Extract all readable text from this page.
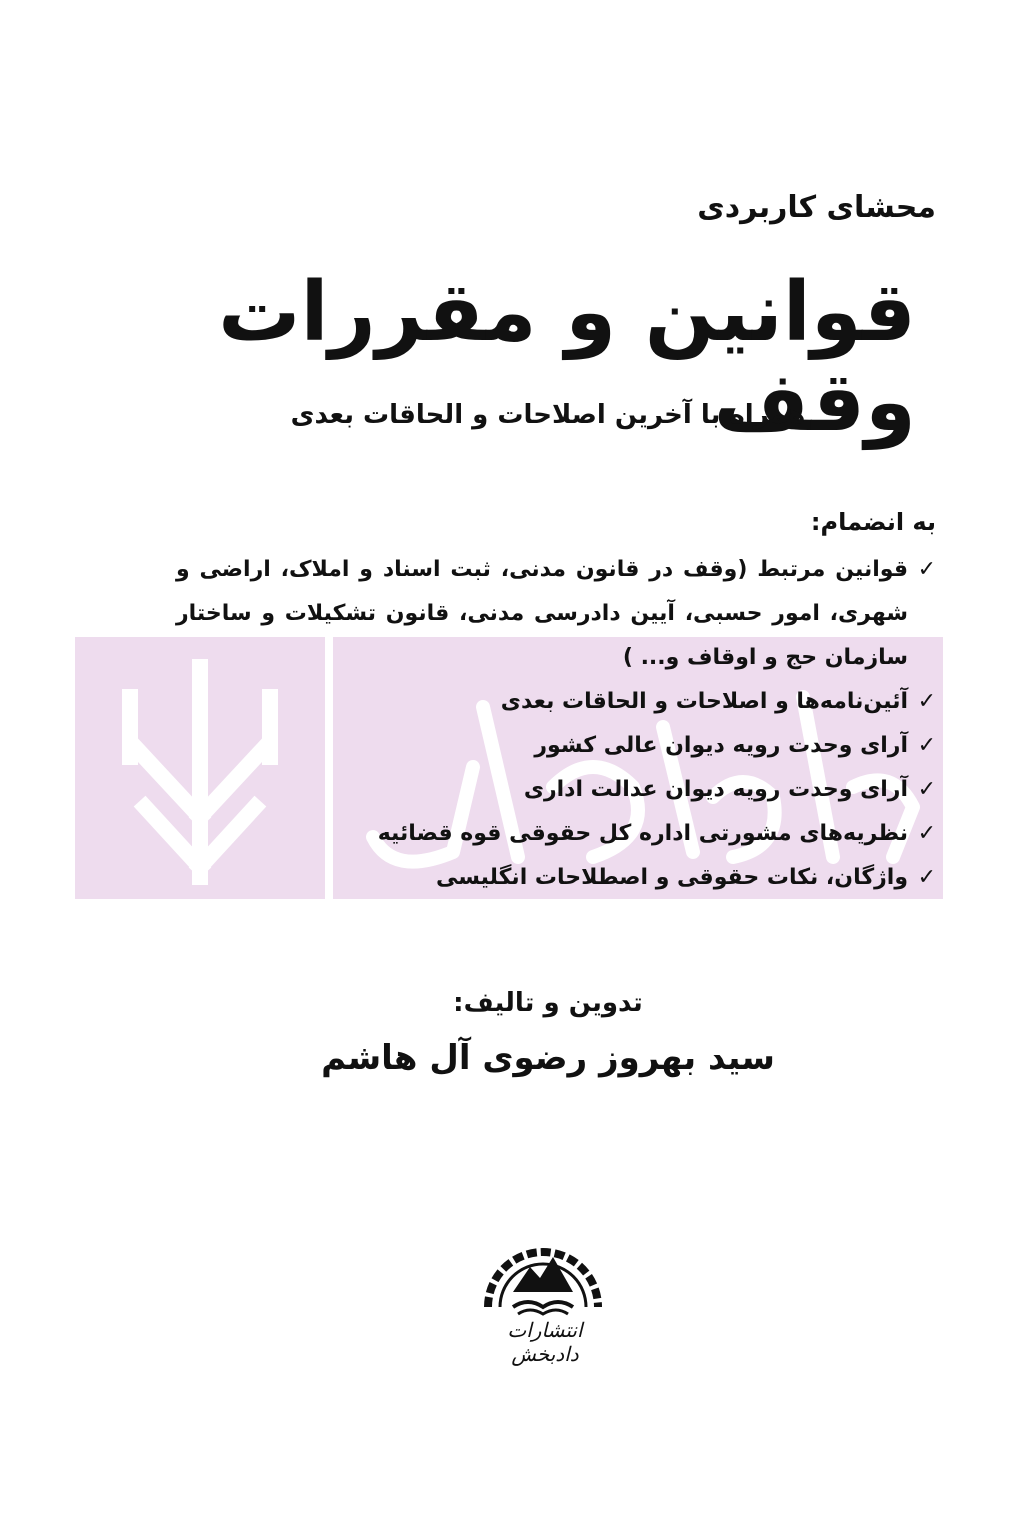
محشای کاربردی
قوانین و مقررات وقف
همراه با آخرین اصلاحات و الحاقات بعدی
به انضمام:
✓
قوانین مرتبط (وقف در قانون مدنی، ثبت اسناد و املاک، اراضی و شهری، امور حسبی، آیین دادرسی مدنی، قانون تشکیلات و ساختار سازمان حج و اوقاف و... )
✓
آئین‌نامه‌ها و اصلاحات و الحاقات بعدی
✓
آرای وحدت رویه دیوان عالی کشور
✓
آرای وحدت رویه دیوان عدالت اداری
✓
نظریه‌های مشورتی اداره کل حقوقی قوه قضائیه
✓
واژگان، نکات حقوقی و اصطلاحات انگلیسی
تدوین و تالیف:
سید بهروز رضوی آل هاشم
انتشارات دادبخش
